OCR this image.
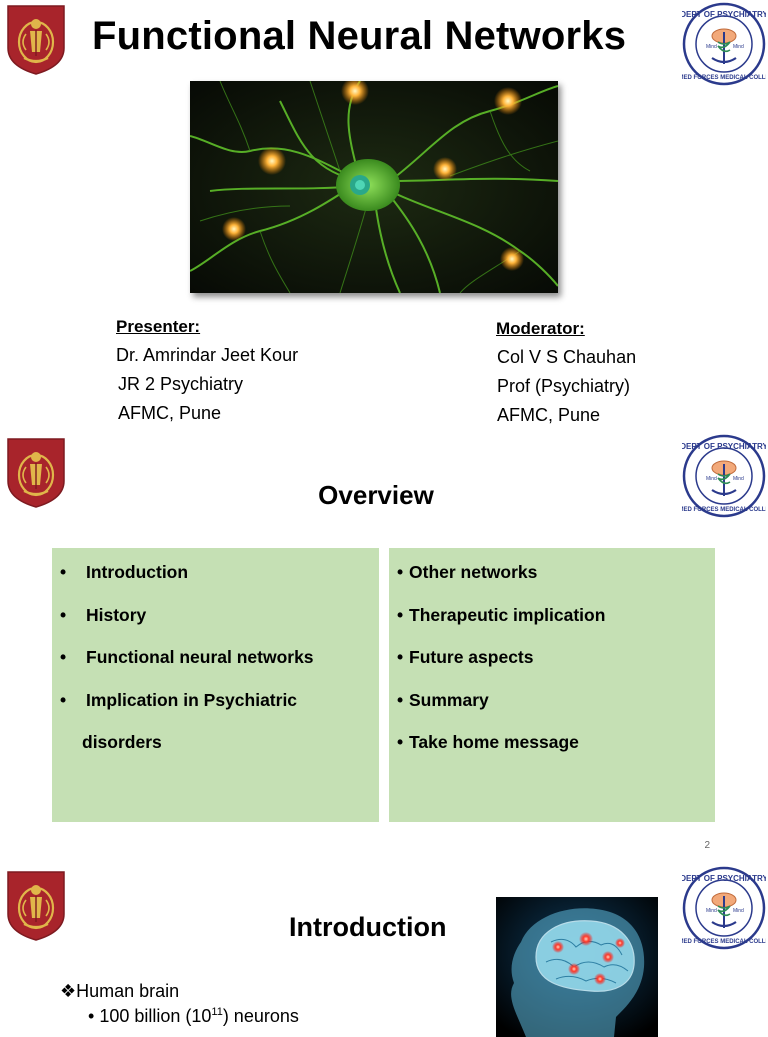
Functional Neural Networks
Presenter:
Dr. Amrindar Jeet Kour
JR 2 Psychiatry
AFMC, Pune
Moderator:
Col V S Chauhan
Prof (Psychiatry)
AFMC, Pune
Overview
• Introduction
• History
• Functional neural networks
• Implication in Psychiatric
disorders
• Other networks
• Therapeutic implication
• Future aspects
• Summary
• Take home message
2
Introduction
❖Human brain
• 100 billion $(10^{11})$ neurons
